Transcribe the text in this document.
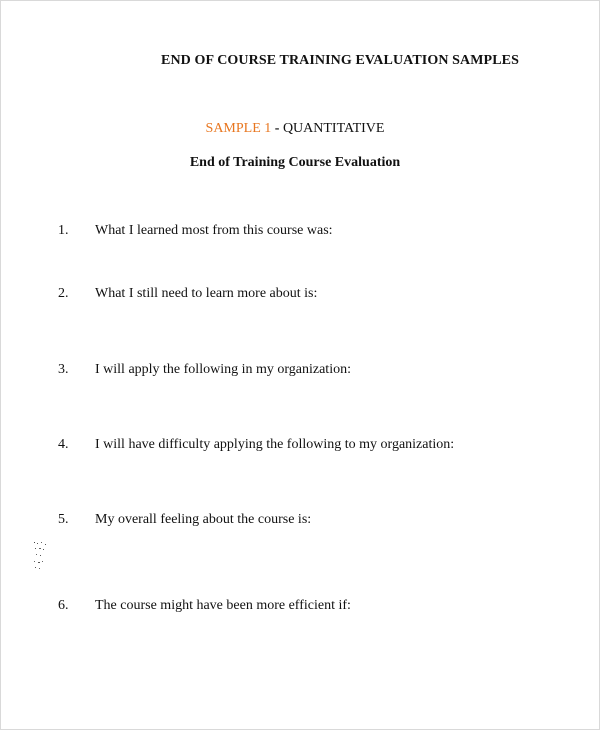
END OF COURSE TRAINING EVALUATION SAMPLES
SAMPLE 1 - QUANTITATIVE
End of Training Course Evaluation
1. What I learned most from this course was:
2. What I still need to learn more about is:
3. I will apply the following in my organization:
4. I will have difficulty applying the following to my organization:
5. My overall feeling about the course is:
6. The course might have been more efficient if:
